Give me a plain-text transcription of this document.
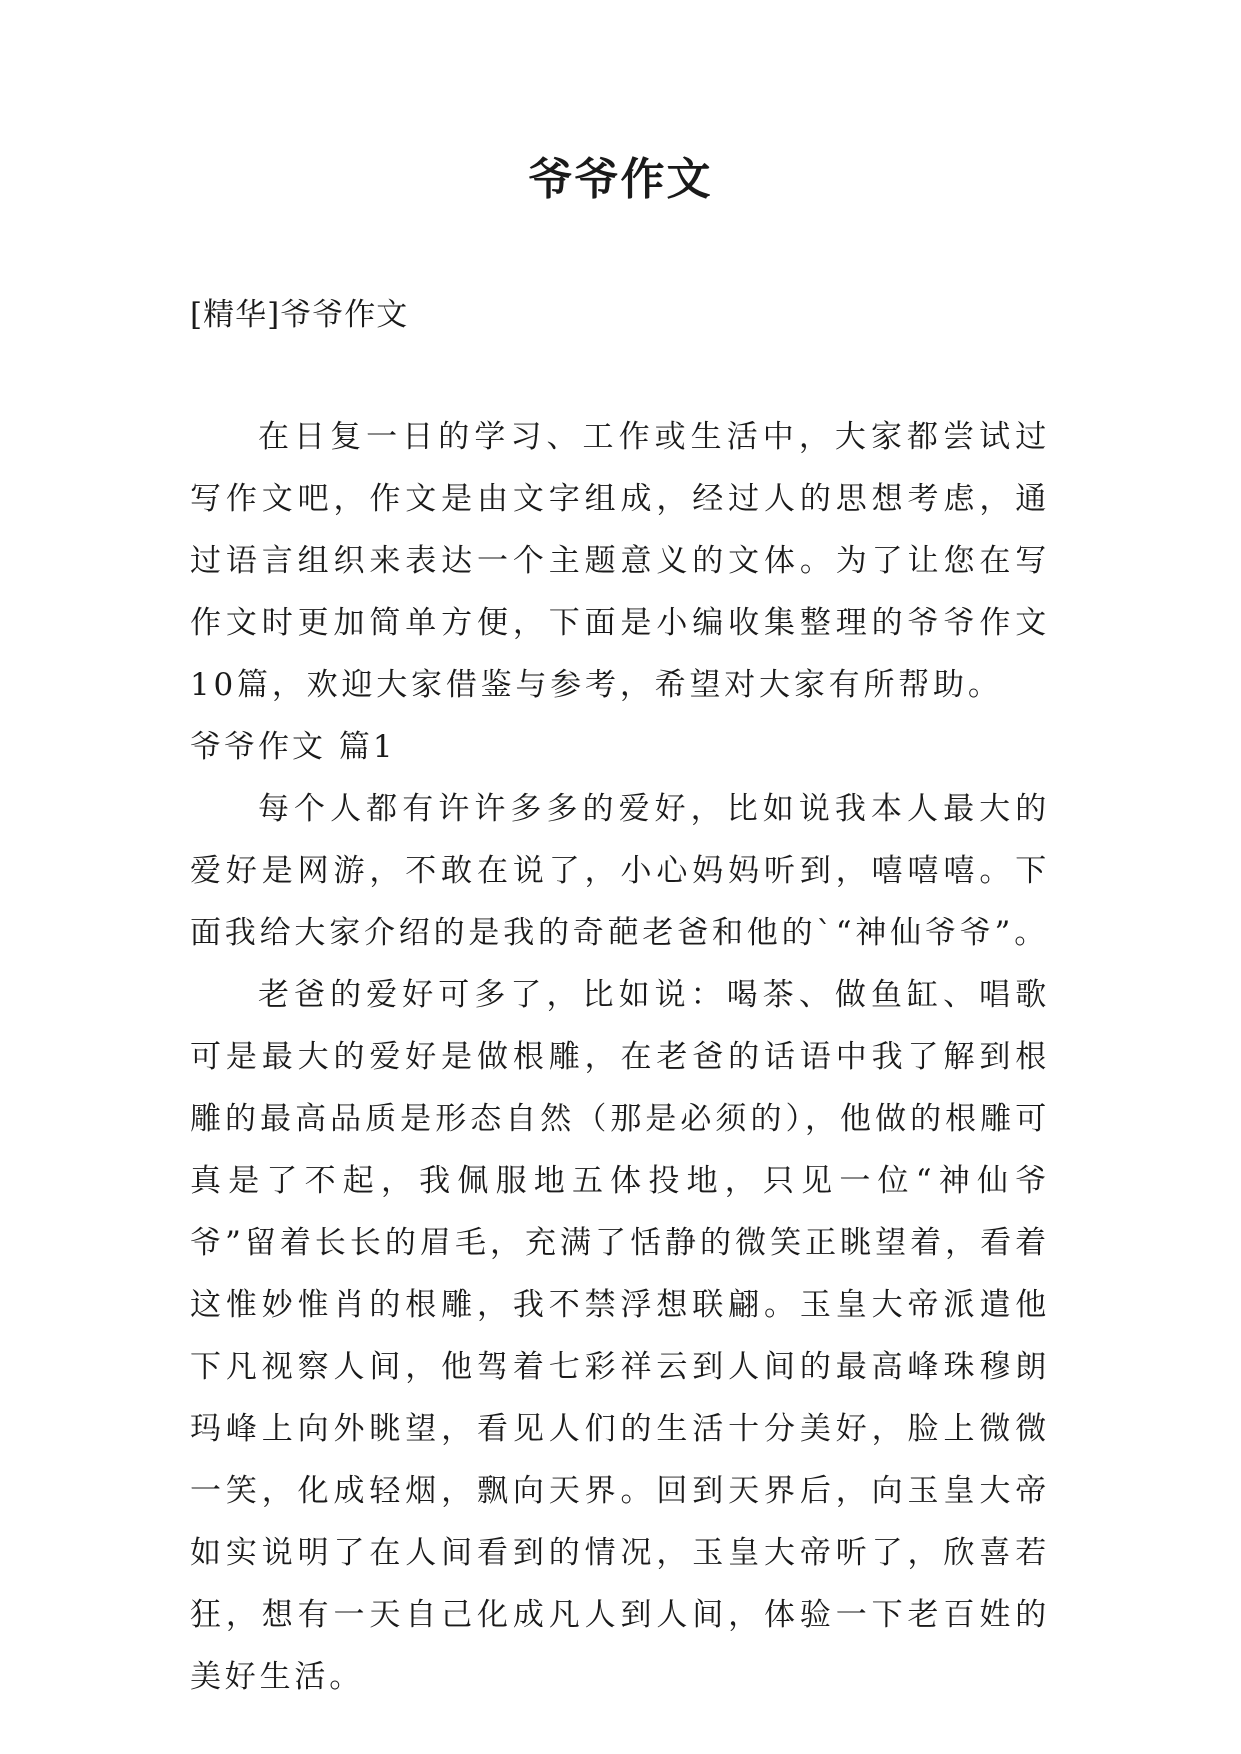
爷爷作文
[精华]爷爷作文

在日复一日的学习、工作或生活中，大家都尝试过写作文吧，作文是由文字组成，经过人的思想考虑，通过语言组织来表达一个主题意义的文体。为了让您在写作文时更加简单方便，下面是小编收集整理的爷爷作文10篇，欢迎大家借鉴与参考，希望对大家有所帮助。

爷爷作文 篇1

每个人都有许许多多的爱好，比如说我本人最大的爱好是网游，不敢在说了，小心妈妈听到，嘻嘻嘻。下面我给大家介绍的是我的奇葩老爸和他的`“神仙爷爷”。

老爸的爱好可多了，比如说：喝茶、做鱼缸、唱歌可是最大的爱好是做根雕，在老爸的话语中我了解到根雕的最高品质是形态自然（那是必须的），他做的根雕可真是了不起，我佩服地五体投地，只见一位“神仙爷爷”留着长长的眉毛，充满了恬静的微笑正眺望着，看着这惟妙惟肖的根雕，我不禁浮想联翩。玉皇大帝派遣他下凡视察人间，他驾着七彩祥云到人间的最高峰珠穆朗玛峰上向外眺望，看见人们的生活十分美好，脸上微微一笑，化成轻烟，飘向天界。回到天界后，向玉皇大帝如实说明了在人间看到的情况，玉皇大帝听了，欣喜若狂，想有一天自己化成凡人到人间，体验一下老百姓的美好生活。
